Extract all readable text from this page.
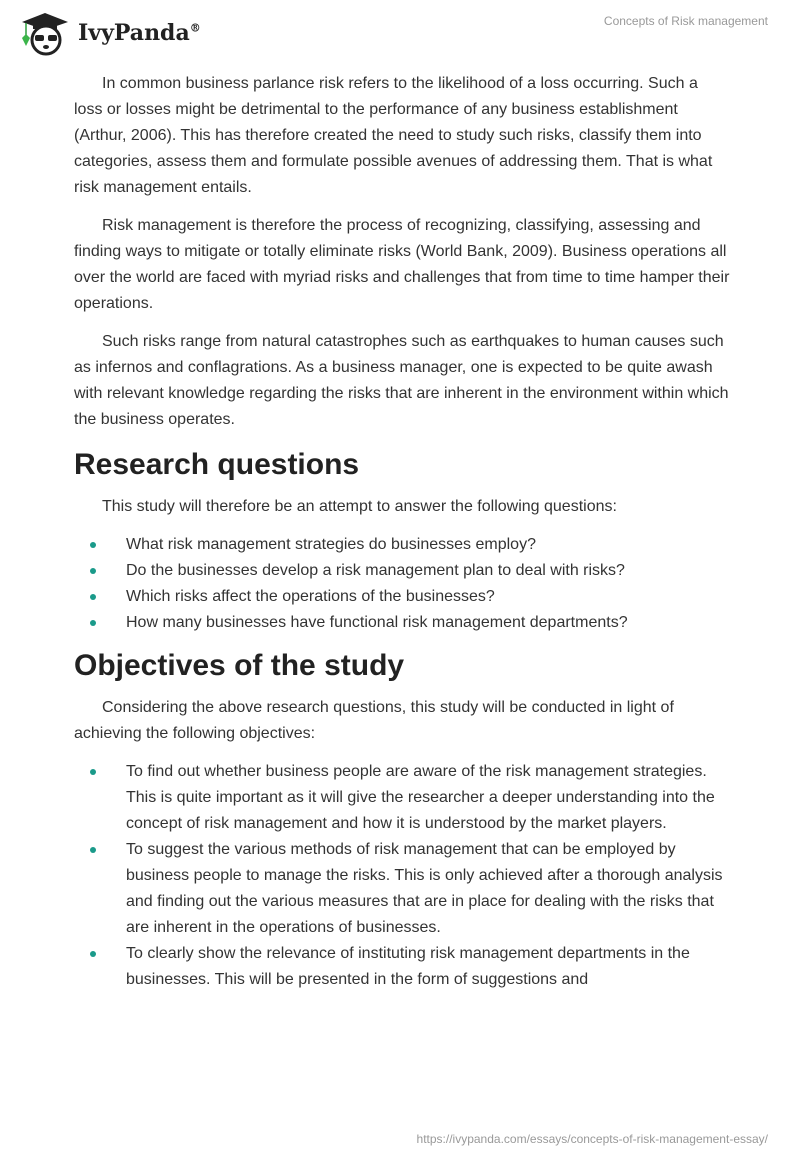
IvyPanda®
Concepts of Risk management

In common business parlance risk refers to the likelihood of a loss occurring. Such a loss or losses might be detrimental to the performance of any business establishment (Arthur, 2006). This has therefore created the need to study such risks, classify them into categories, assess them and formulate possible avenues of addressing them. That is what risk management entails.

Risk management is therefore the process of recognizing, classifying, assessing and finding ways to mitigate or totally eliminate risks (World Bank, 2009). Business operations all over the world are faced with myriad risks and challenges that from time to time hamper their operations.

Such risks range from natural catastrophes such as earthquakes to human causes such as infernos and conflagrations. As a business manager, one is expected to be quite awash with relevant knowledge regarding the risks that are inherent in the environment within which the business operates.

Research questions

This study will therefore be an attempt to answer the following questions:

What risk management strategies do businesses employ?
Do the businesses develop a risk management plan to deal with risks?
Which risks affect the operations of the businesses?
How many businesses have functional risk management departments?
Objectives of the study

Considering the above research questions, this study will be conducted in light of achieving the following objectives:

To find out whether business people are aware of the risk management strategies. This is quite important as it will give the researcher a deeper understanding into the concept of risk management and how it is understood by the market players.
To suggest the various methods of risk management that can be employed by business people to manage the risks. This is only achieved after a thorough analysis and finding out the various measures that are in place for dealing with the risks that are inherent in the operations of businesses.
To clearly show the relevance of instituting risk management departments in the businesses. This will be presented in the form of suggestions and
https://ivypanda.com/essays/concepts-of-risk-management-essay/
